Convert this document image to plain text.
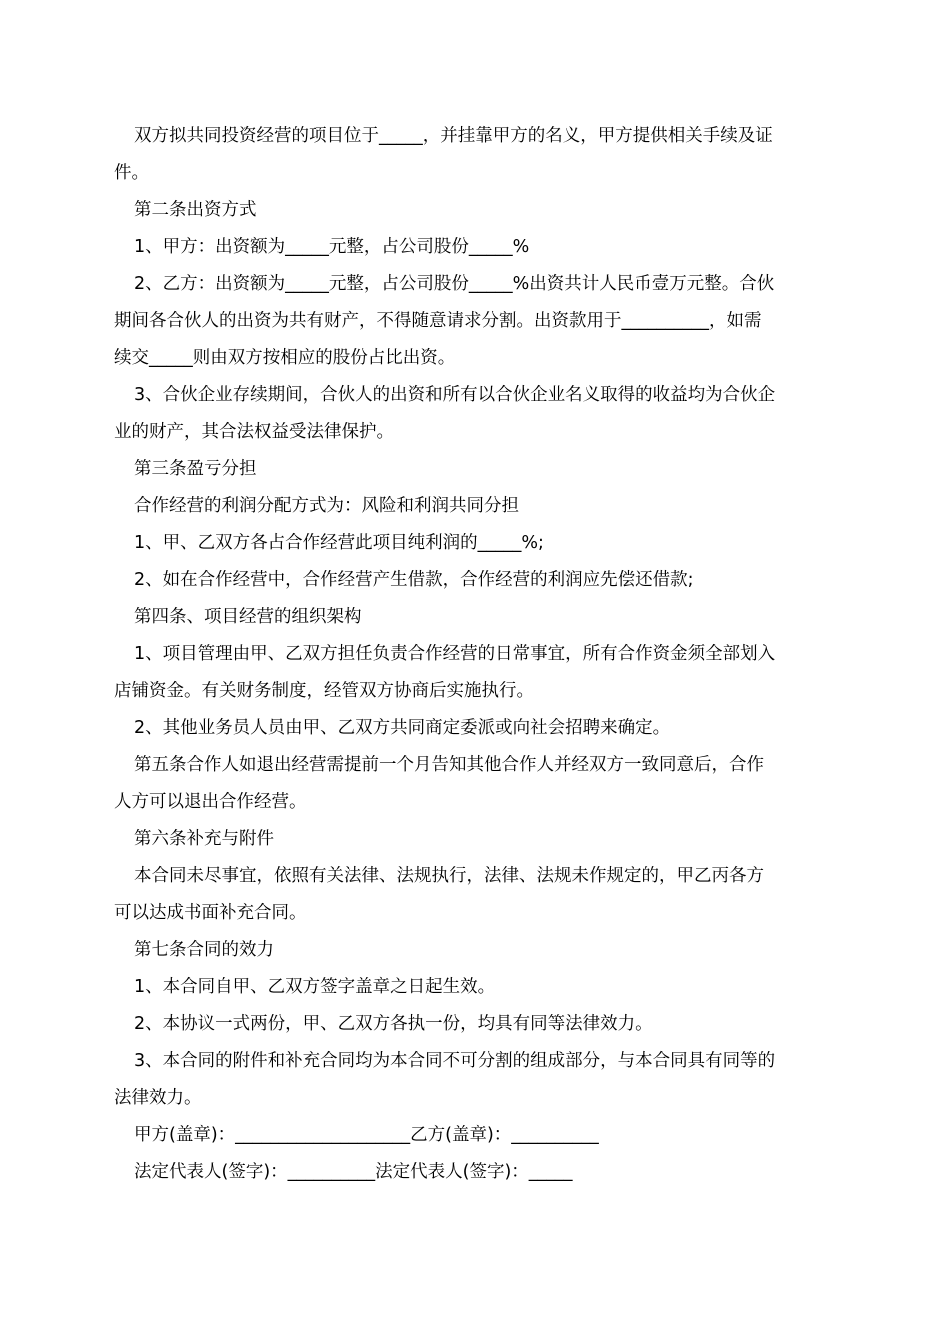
双方拟共同投资经营的项目位于_____，并挂靠甲方的名义，甲方提供相关手续及证
件。
第二条出资方式
1、甲方：出资额为_____元整，占公司股份_____%
2、乙方：出资额为_____元整，占公司股份_____%出资共计人民币壹万元整。合伙
期间各合伙人的出资为共有财产，不得随意请求分割。出资款用于__________，如需
续交_____则由双方按相应的股份占比出资。
3、合伙企业存续期间，合伙人的出资和所有以合伙企业名义取得的收益均为合伙企
业的财产，其合法权益受法律保护。
第三条盈亏分担
合作经营的利润分配方式为：风险和利润共同分担
1、甲、乙双方各占合作经营此项目纯利润的_____%;
2、如在合作经营中，合作经营产生借款，合作经营的利润应先偿还借款;
第四条、项目经营的组织架构
1、项目管理由甲、乙双方担任负责合作经营的日常事宜，所有合作资金须全部划入
店铺资金。有关财务制度，经管双方协商后实施执行。
2、其他业务员人员由甲、乙双方共同商定委派或向社会招聘来确定。
第五条合作人如退出经营需提前一个月告知其他合作人并经双方一致同意后，合作
人方可以退出合作经营。
第六条补充与附件
本合同未尽事宜，依照有关法律、法规执行，法律、法规未作规定的，甲乙丙各方
可以达成书面补充合同。
第七条合同的效力
1、本合同自甲、乙双方签字盖章之日起生效。
2、本协议一式两份，甲、乙双方各执一份，均具有同等法律效力。
3、本合同的附件和补充合同均为本合同不可分割的组成部分，与本合同具有同等的
法律效力。
甲方(盖章)：____________________乙方(盖章)：__________
法定代表人(签字)：__________法定代表人(签字)：_____
